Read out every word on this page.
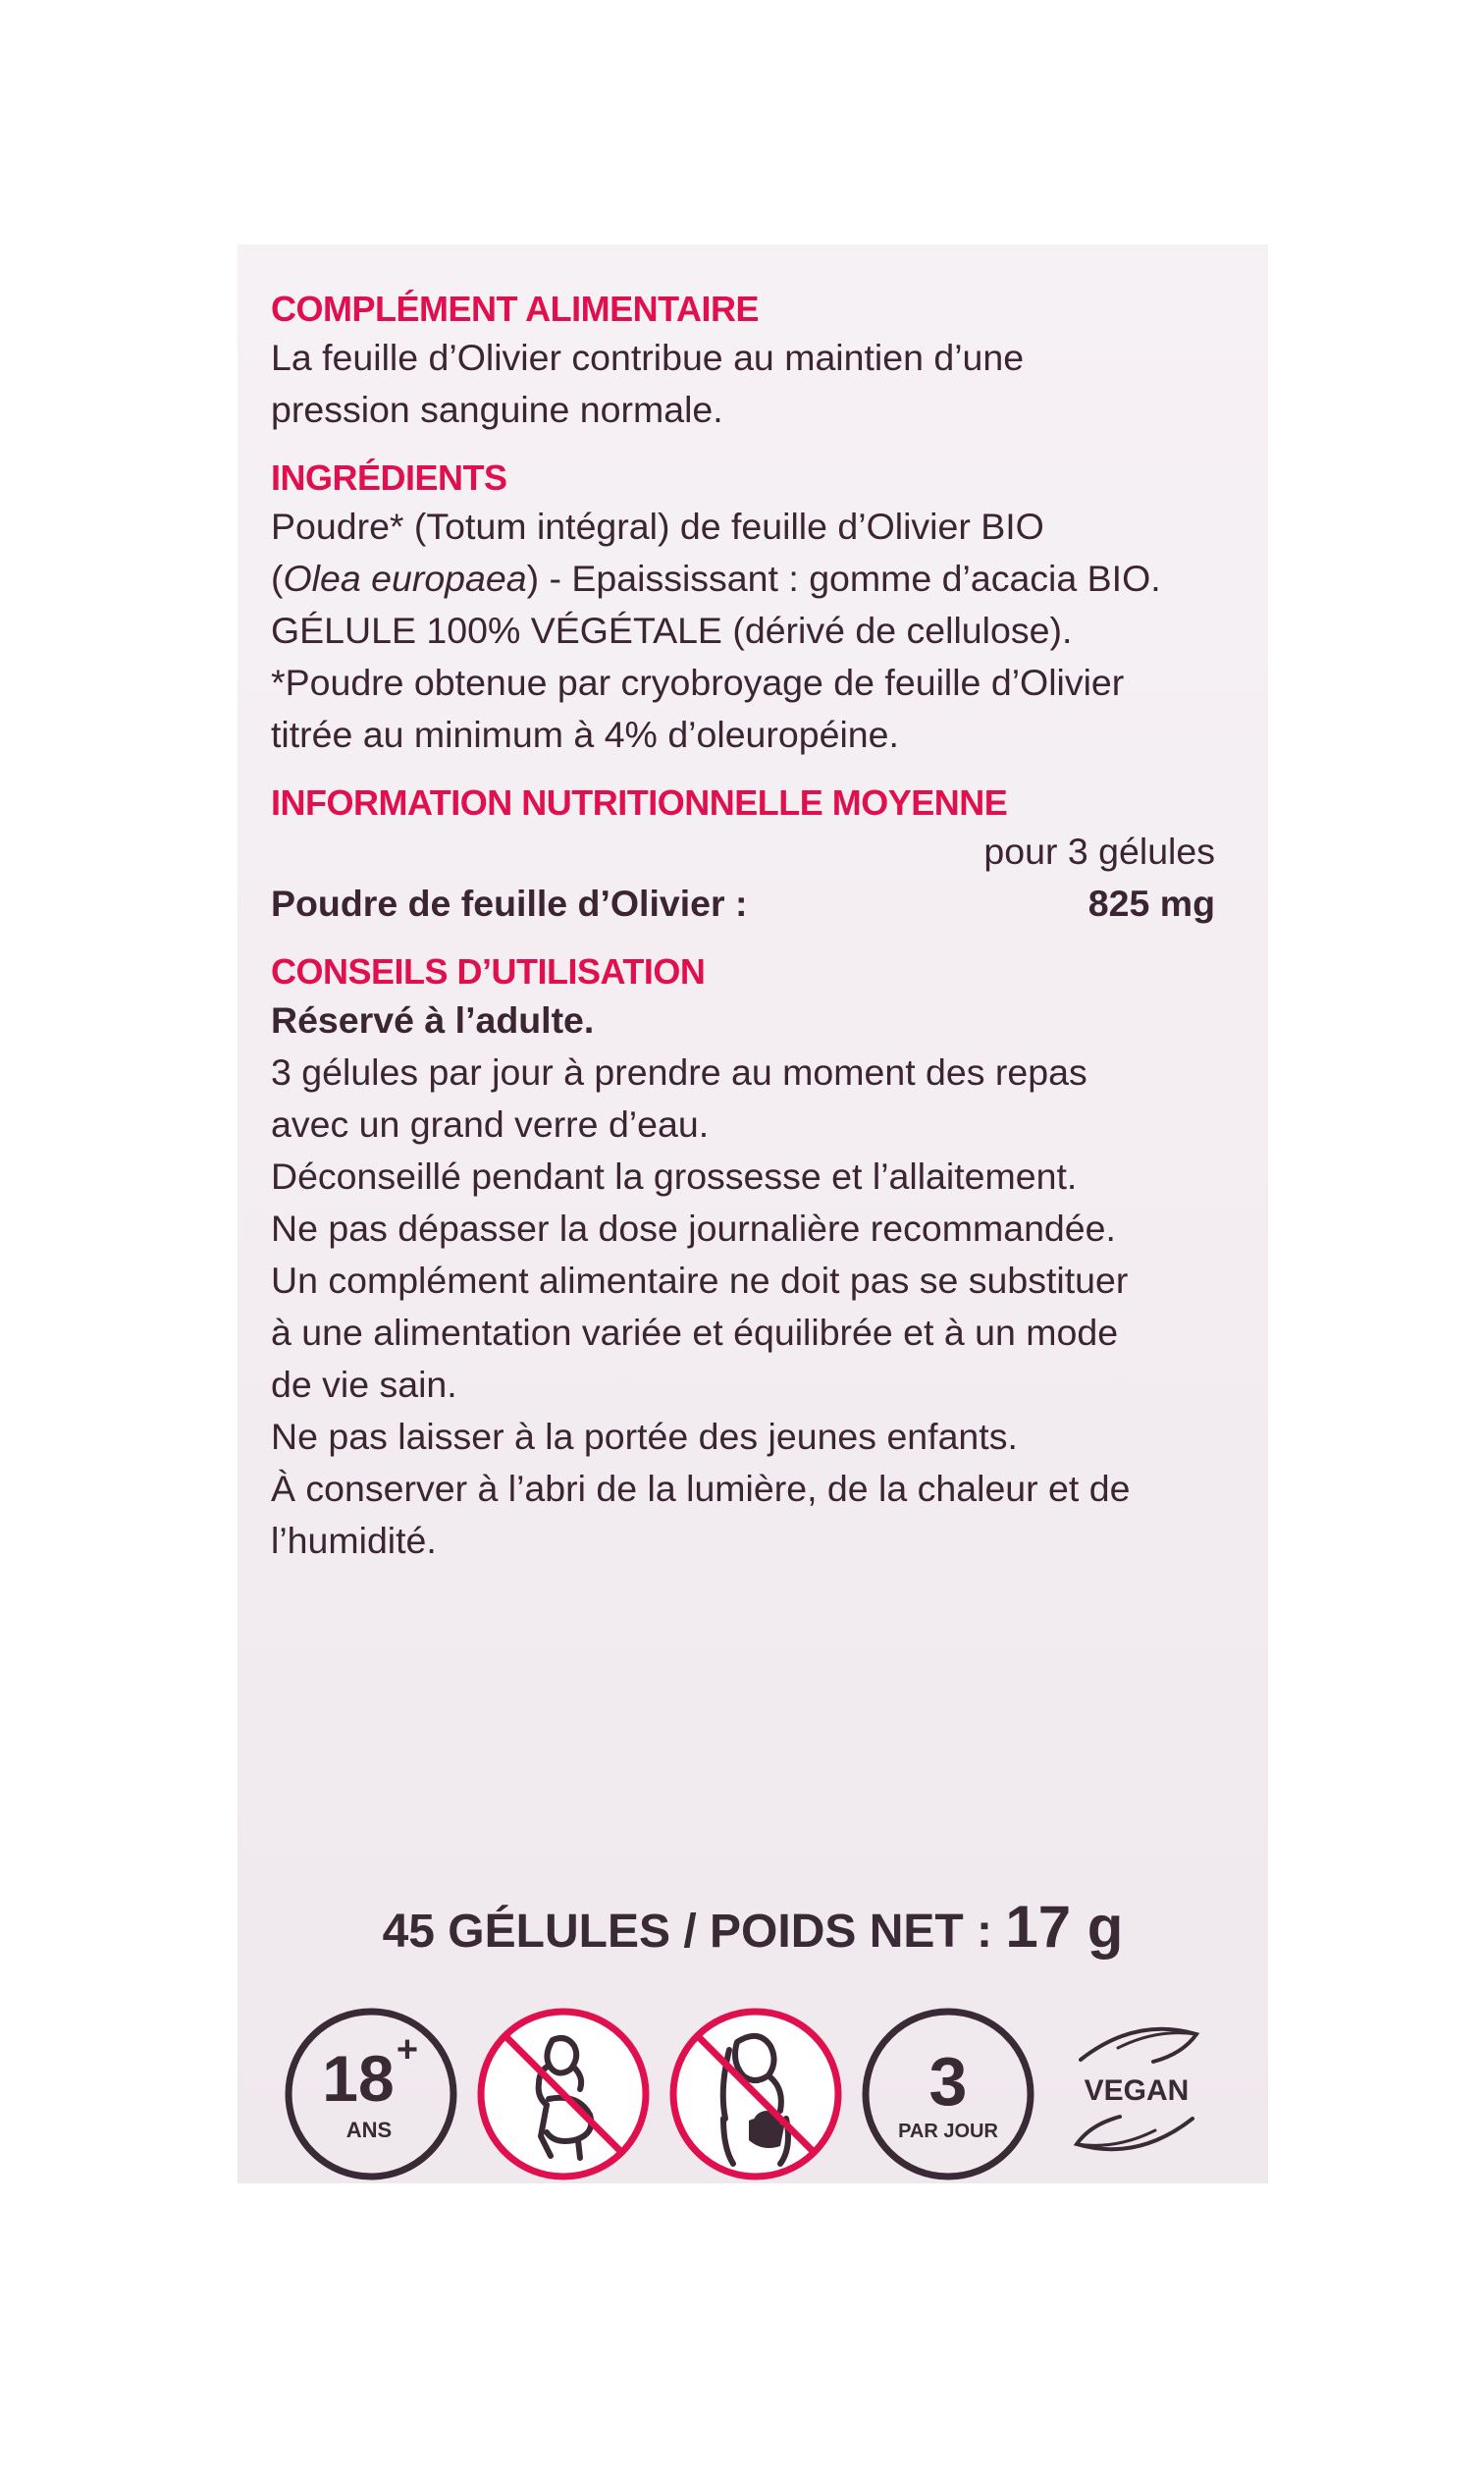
COMPLÉMENT ALIMENTAIRE

La feuille d’Olivier contribue au maintien d’une
pression sanguine normale.

INGRÉDIENTS

Poudre* (Totum intégral) de feuille d’Olivier BIO
(Olea europaea) - Epaississant : gomme d’acacia BIO.
GÉLULE 100% VÉGÉTALE (dérivé de cellulose).
*Poudre obtenue par cryobroyage de feuille d’Olivier
titrée au minimum à 4% d’oleuropéine.

INFORMATION NUTRITIONNELLE MOYENNE
pour 3 gélules
Poudre de feuille d’Olivier :	825 mg
CONSEILS D’UTILISATION
Réservé à l’adulte.

3 gélules par jour à prendre au moment des repas
avec un grand verre d’eau.
Déconseillé pendant la grossesse et l’allaitement.
Ne pas dépasser la dose journalière recommandée.
Un complément alimentaire ne doit pas se substituer
à une alimentation variée et équilibrée et à un mode
de vie sain.
Ne pas laisser à la portée des jeunes enfants.
À conserver à l’abri de la lumière, de la chaleur et de
l’humidité.

45 GÉLULES / POIDS NET : 17 g
18 +
ANS
3
PAR JOUR
VEGAN
